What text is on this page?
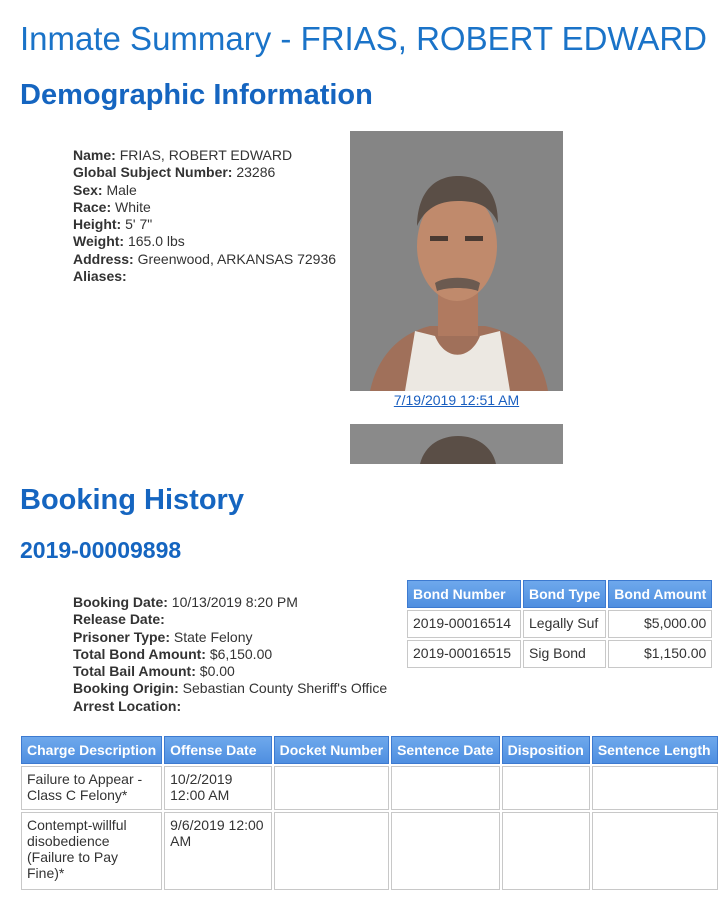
Inmate Summary - FRIAS, ROBERT EDWARD
Demographic Information
Name: FRIAS, ROBERT EDWARD
Global Subject Number: 23286
Sex: Male
Race: White
Height: 5' 7"
Weight: 165.0 lbs
Address: Greenwood, ARKANSAS 72936
Aliases:
7/19/2019 12:51 AM
Booking History
2019-00009898
Booking Date: 10/13/2019 8:20 PM
Release Date:
Prisoner Type: State Felony
Total Bond Amount: $6,150.00
Total Bail Amount: $0.00
Booking Origin: Sebastian County Sheriff's Office
Arrest Location:
Bond Number	Bond Type	Bond Amount
2019-00016514	Legally Suf	$5,000.00
2019-00016515	Sig Bond	$1,150.00
Charge Description	Offense Date	Docket Number	Sentence Date	Disposition	Sentence Length
Failure to Appear - Class C Felony*	10/2/2019 12:00 AM				
Contempt-willful disobedience (Failure to Pay Fine)*	9/6/2019 12:00 AM				
